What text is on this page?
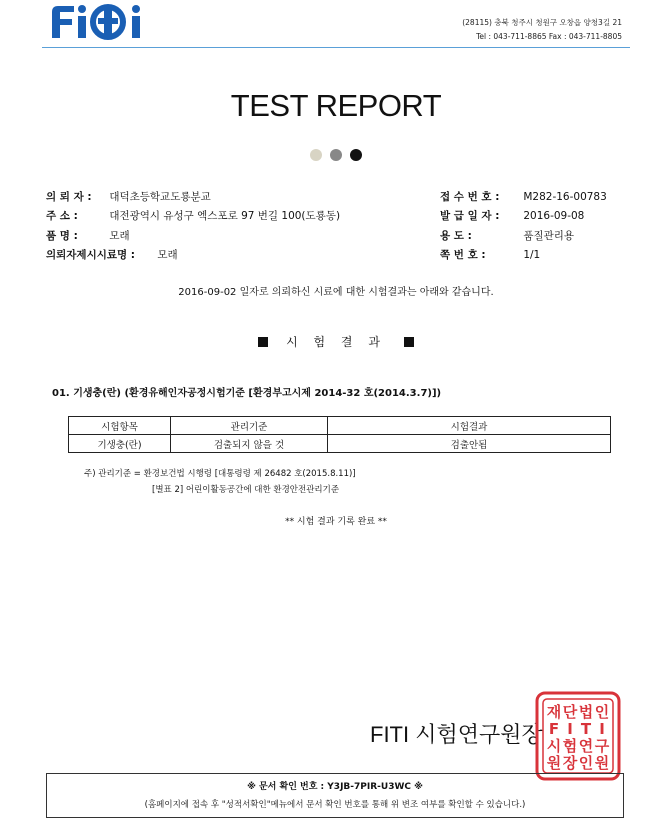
(28115) 충북 청주시 청원구 오창읍 양청3길 21
Tel : 043-711-8865 Fax : 043-711-8805
TEST REPORT
의 뢰 자 : 대덕초등학교도룡분교
주 소 :	대전광역시 유성구 엑스포로 97 번길 100(도룡동)
품 명 :	모래
의뢰자제시시료명 : 모래
접 수 번 호 : M282-16-00783
발 급 일 자 : 2016-09-08
용 도 :	품질관리용
쪽 번 호 :	1/1
2016-09-02 일자로 의뢰하신 시료에 대한 시험결과는 아래와 같습니다.
시 험 결 과
01. 기생충(란) (환경유해인자공정시험기준 [환경부고시제 2014-32 호(2014.3.7)])
시험항목	관리기준	시험결과
기생충(란)	검출되지 않을 것	검출안됨
주) 관리기준 = 환경보건법 시행령 [대통령령 제 26482 호(2015.8.11)]
[별표 2] 어린이활동공간에 대한 환경안전관리기준
** 시험 결과 기록 완료 **
FITI 시험연구원장
재 단 법 인
F I T I
시 험 연 구
원 장 인 원
※ 문서 확인 번호 : Y3JB-7PIR-U3WC ※
(홈페이지에 접속 후 "성적서확인"메뉴에서 문서 확인 번호를 통해 위 변조 여부를 확인할 수 있습니다.)
